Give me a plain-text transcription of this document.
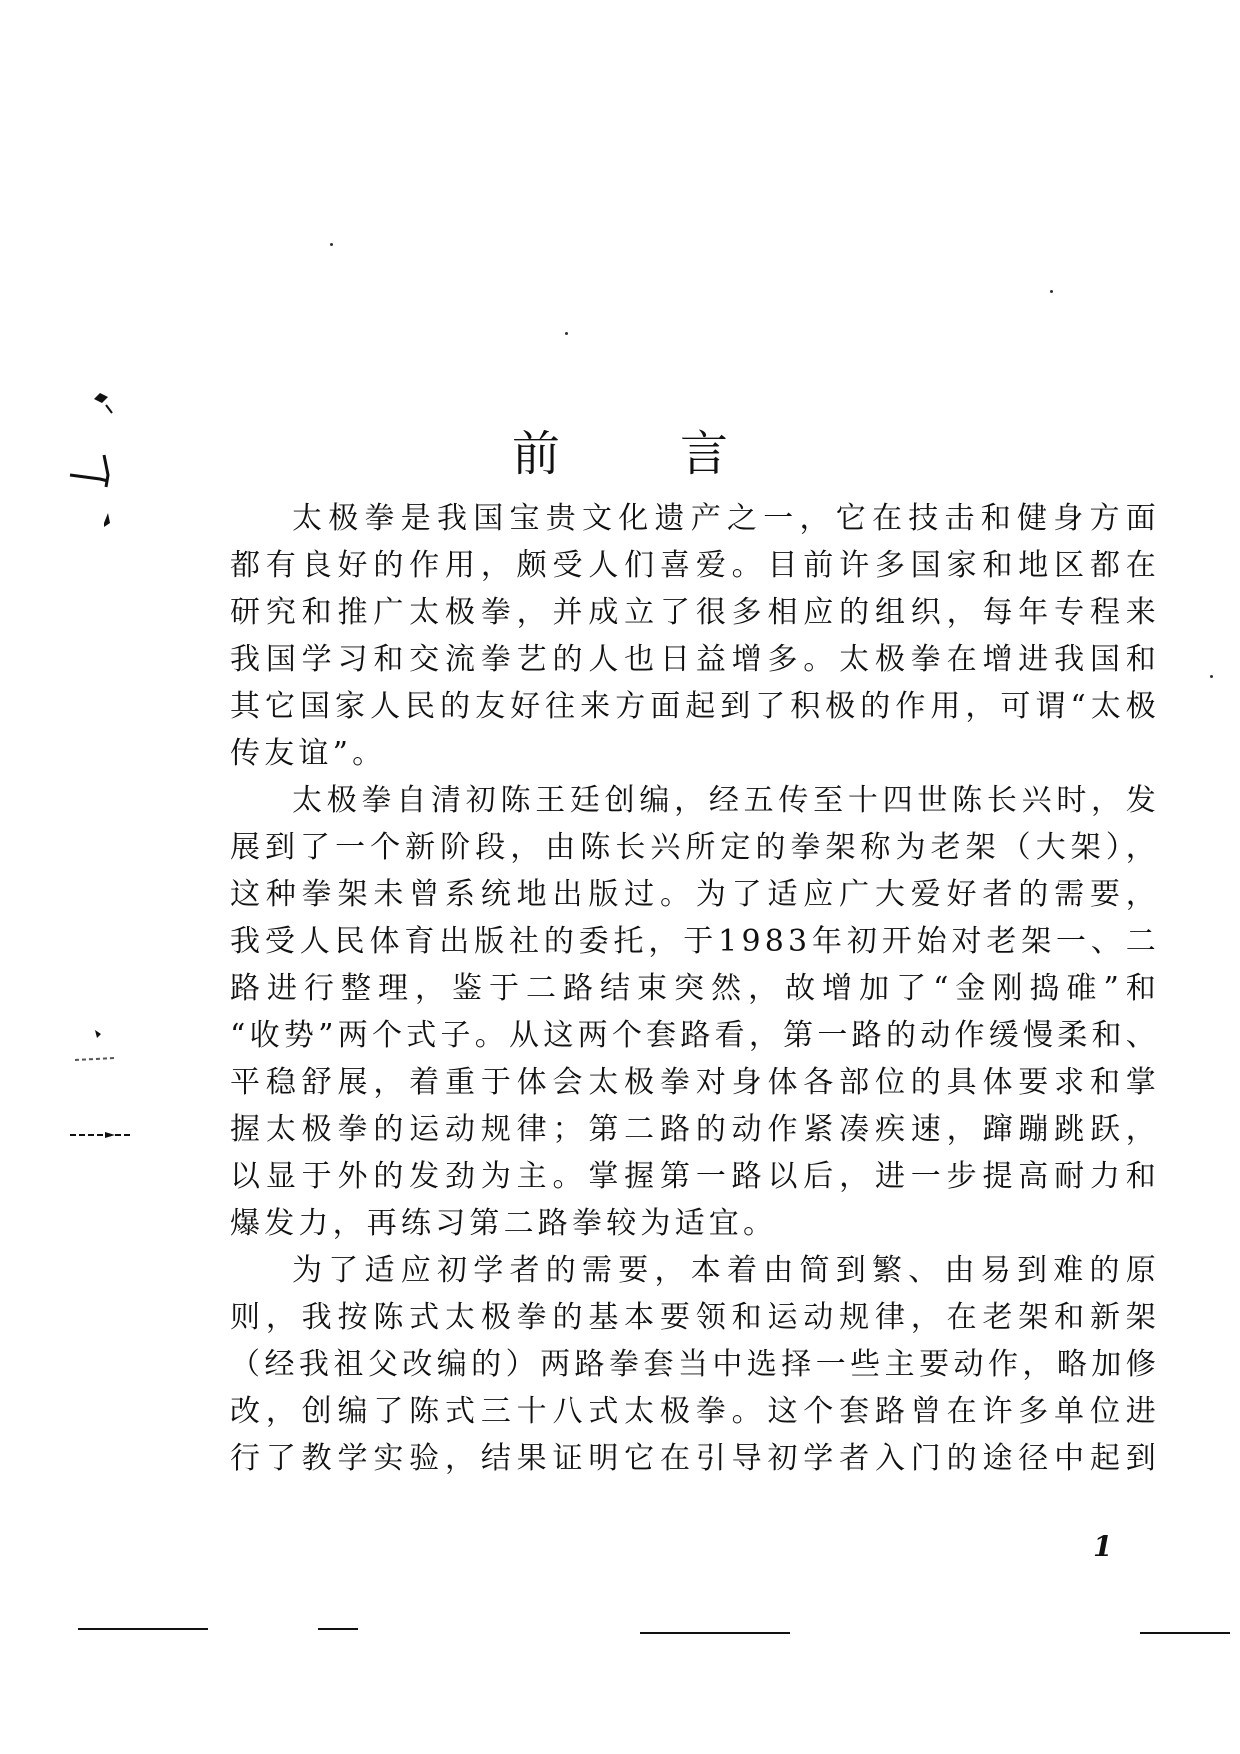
前言

太极拳是我国宝贵文化遗产之一，它在技击和健身方面
都有良好的作用，颇受人们喜爱。目前许多国家和地区都在
研究和推广太极拳，并成立了很多相应的组织，每年专程来
我国学习和交流拳艺的人也日益增多。太极拳在增进我国和
其它国家人民的友好往来方面起到了积极的作用，可谓“太极
传友谊”。

太极拳自清初陈王廷创编，经五传至十四世陈长兴时，发
展到了一个新阶段，由陈长兴所定的拳架称为老架（大架），
这种拳架未曾系统地出版过。为了适应广大爱好者的需要，
我受人民体育出版社的委托，于1983年初开始对老架一、二
路进行整理，鉴于二路结束突然，故增加了“金刚捣碓”和
“收势”两个式子。从这两个套路看，第一路的动作缓慢柔和、
平稳舒展，着重于体会太极拳对身体各部位的具体要求和掌
握太极拳的运动规律；第二路的动作紧凑疾速，蹿蹦跳跃，
以显于外的发劲为主。掌握第一路以后，进一步提高耐力和
爆发力，再练习第二路拳较为适宜。

为了适应初学者的需要，本着由简到繁、由易到难的原
则，我按陈式太极拳的基本要领和运动规律，在老架和新架
（经我祖父改编的）两路拳套当中选择一些主要动作，略加修
改，创编了陈式三十八式太极拳。这个套路曾在许多单位进
行了教学实验，结果证明它在引导初学者入门的途径中起到

1
